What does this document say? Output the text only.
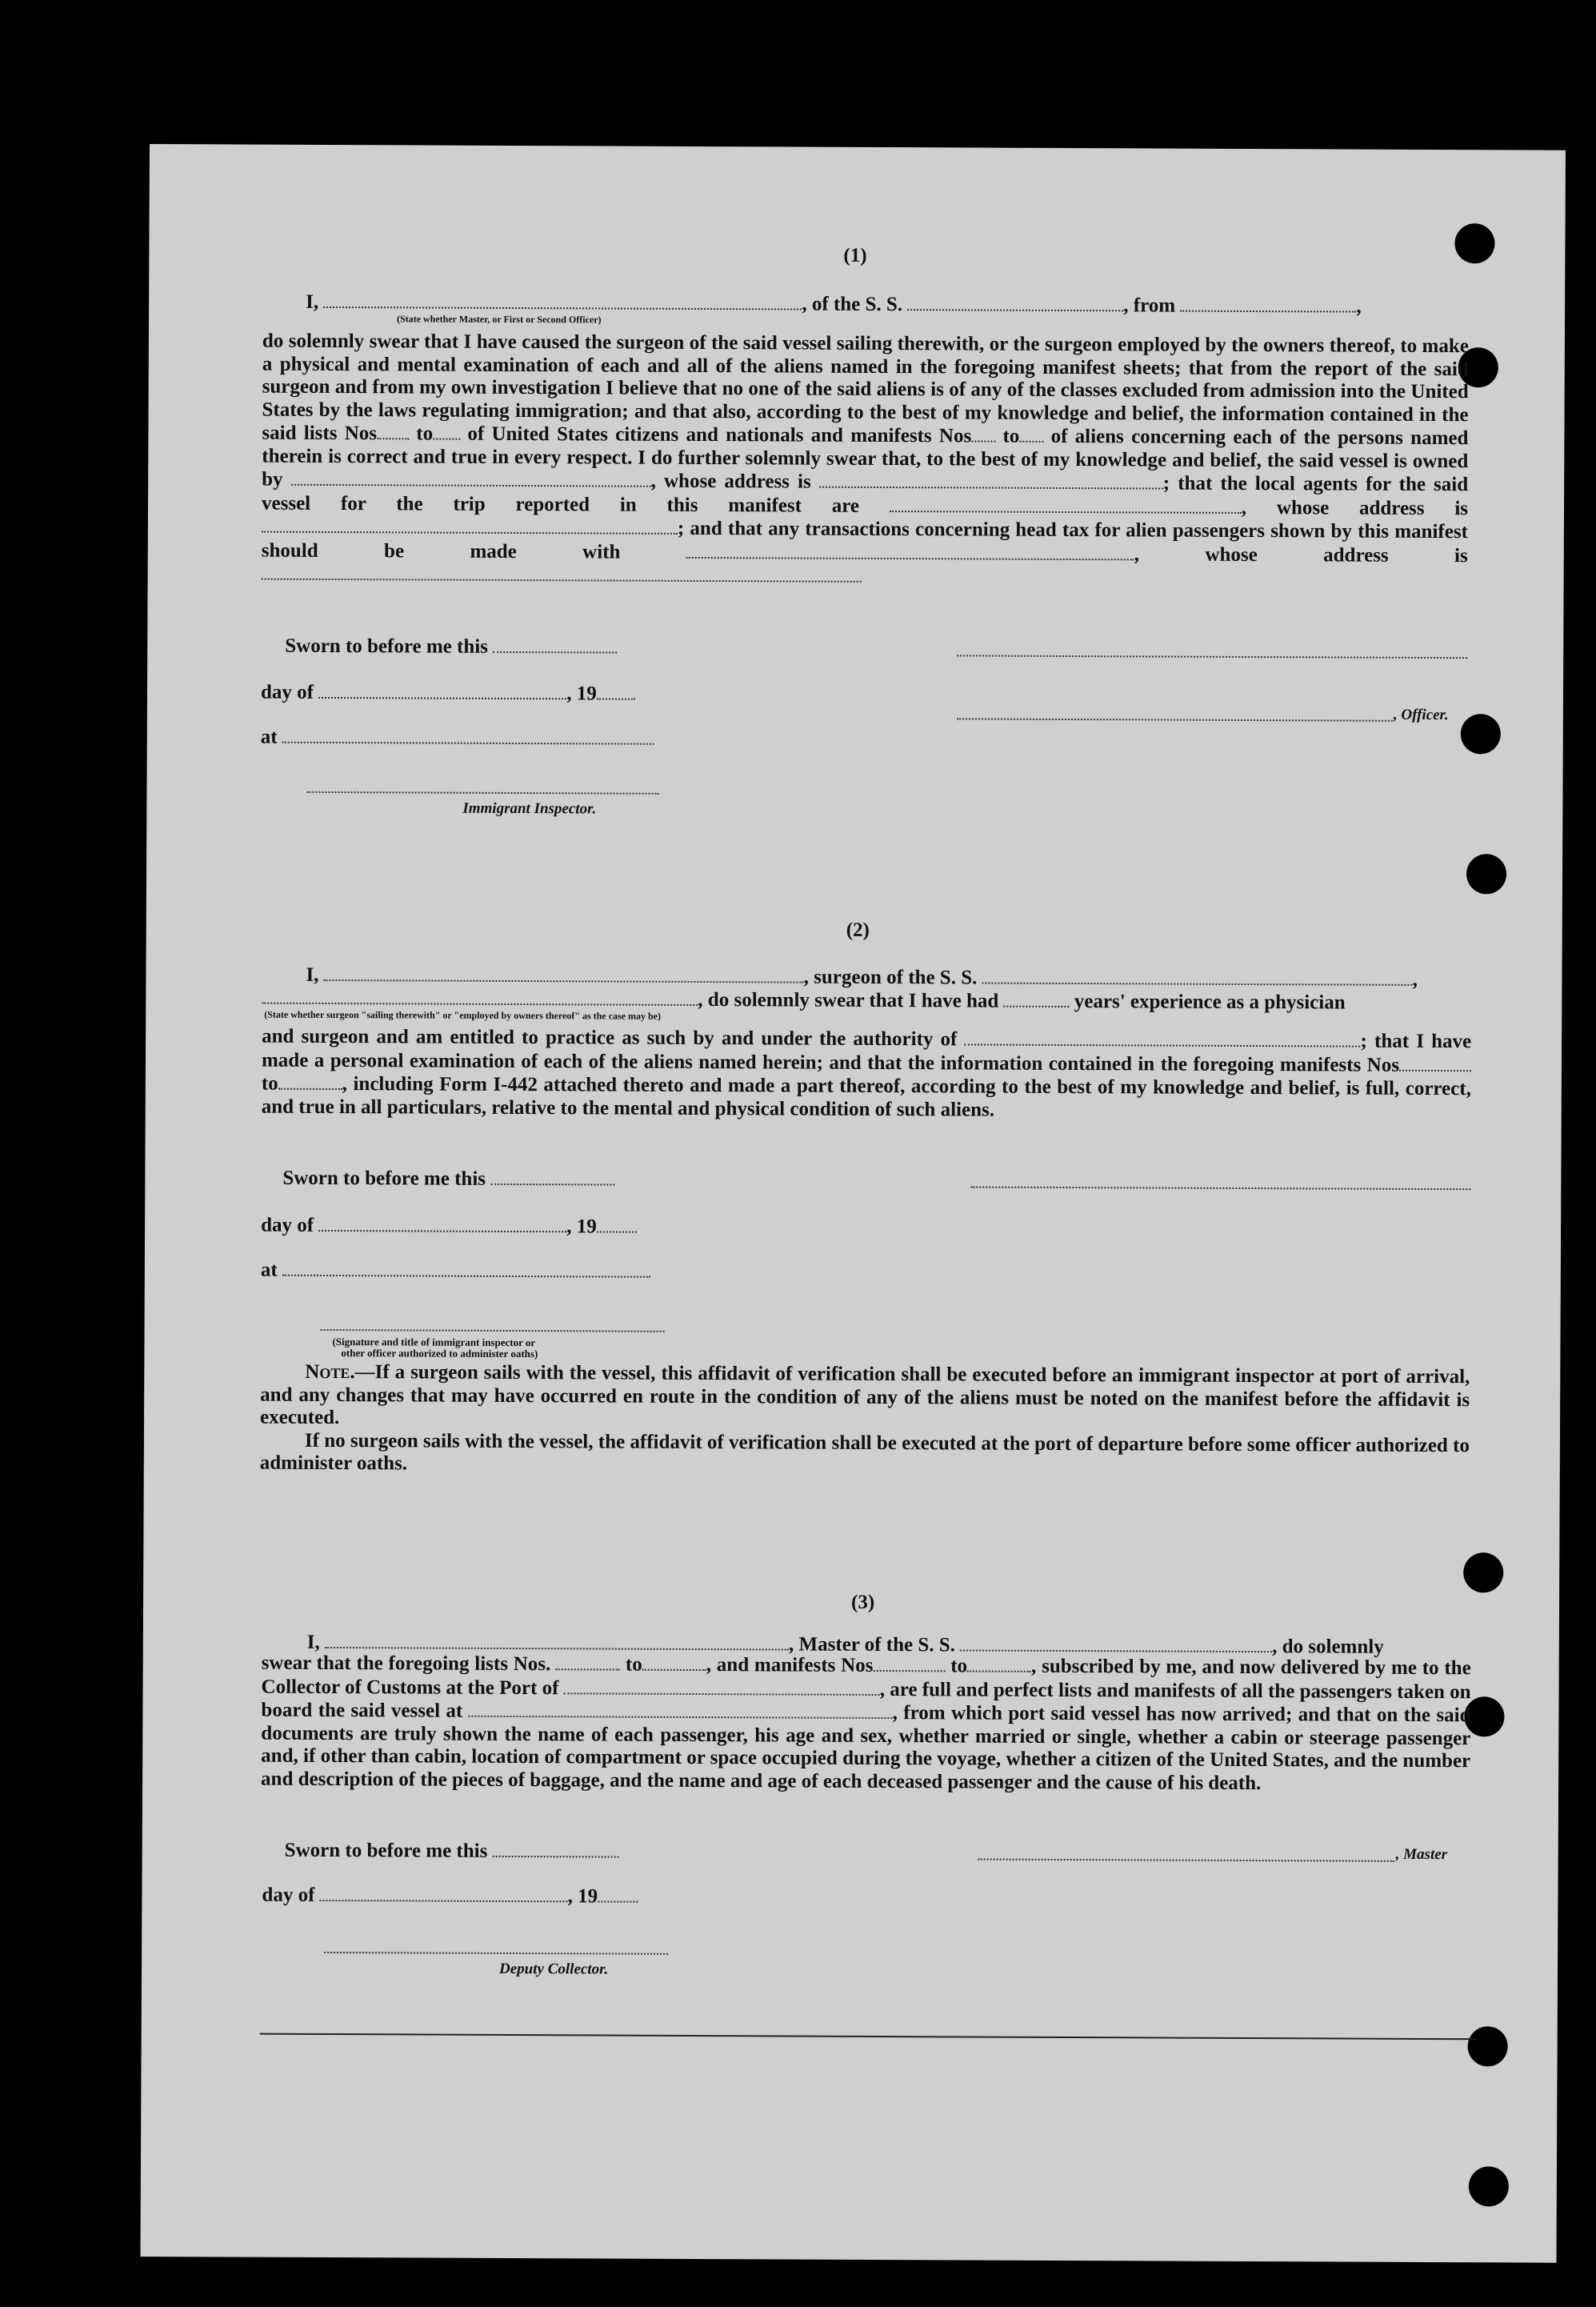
(1)
I,	, of the S. S.	, from	,
(State whether Master, or First or Second Officer)
do solemnly swear that I have caused the surgeon of the said vessel sailing therewith, or the surgeon employed by the owners thereof, to make a physical and mental examination of each and all of the aliens named in the foregoing manifest sheets; that from the report of the said surgeon and from my own investigation I believe that no one of the said aliens is of any of the classes excluded from admission into the United States by the laws regulating immigration; and that also, according to the best of my knowledge and belief, the information contained in the said lists Nos to of United States citizens and nationals and manifests Nos to of aliens concerning each of the persons named therein is correct and true in every respect. I do further solemnly swear that, to the best of my knowledge and belief, the said vessel is owned by	, whose address is	; that the local agents for the said vessel for the trip reported in this manifest are	, whose address is ; and that any transactions concerning head tax for alien passengers shown by this manifest should be made with	, whose address is
Sworn to before me this
day of	, 19
, Officer.
at
Immigrant Inspector.
(2)
I,	, surgeon of the S. S.	,
, do solemnly swear that I have had	years' experience as a physician
(State whether surgeon "sailing therewith" or "employed by owners thereof" as the case may be)
and surgeon and am entitled to practice as such by and under the authority of	; that I have made a personal examination of each of the aliens named herein; and that the information contained in the foregoing manifests Nos to	, including Form I-442 attached thereto and made a part thereof, according to the best of my knowledge and belief, is full, correct, and true in all particulars, relative to the mental and physical condition of such aliens.
Sworn to before me this
day of	, 19
at
(Signature and title of immigrant inspector or
other officer authorized to administer oaths)
Note.—If a surgeon sails with the vessel, this affidavit of verification shall be executed before an immigrant inspector at port of arrival, and any changes that may have occurred en route in the condition of any of the aliens must be noted on the manifest before the affidavit is executed.
If no surgeon sails with the vessel, the affidavit of verification shall be executed at the port of departure before some officer authorized to administer oaths.
(3)
I,	, Master of the S. S.	, do solemnly
swear that the foregoing lists Nos.	to	, and manifests Nos	to	, subscribed by me, and now delivered by me to the Collector of Customs at the Port of	, are full and perfect lists and manifests of all the passengers taken on board the said vessel at	, from which port said vessel has now arrived; and that on the said documents are truly shown the name of each passenger, his age and sex, whether married or single, whether a cabin or steerage passenger and, if other than cabin, location of compartment or space occupied during the voyage, whether a citizen of the United States, and the number and description of the pieces of baggage, and the name and age of each deceased passenger and the cause of his death.
Sworn to before me this	, Master
day of	, 19
Deputy Collector.
